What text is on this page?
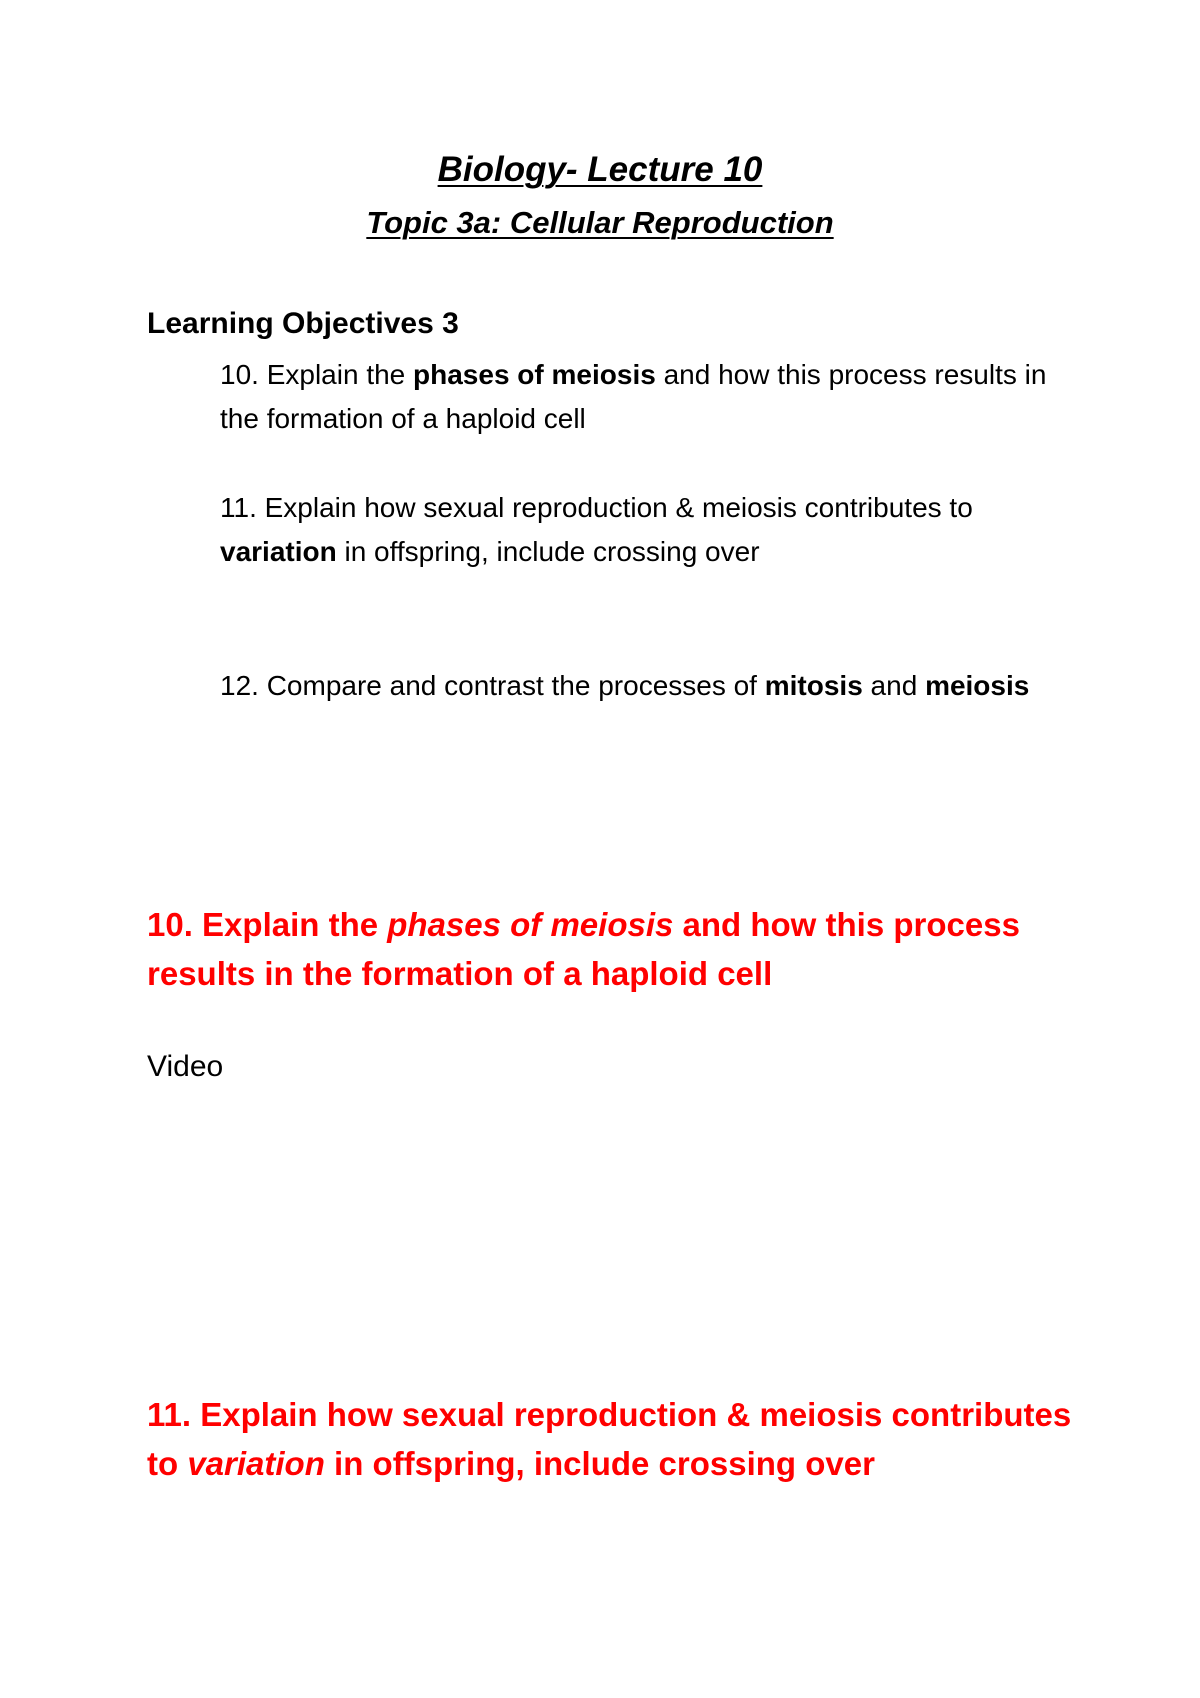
Biology- Lecture 10
Topic 3a: Cellular Reproduction
Learning Objectives 3

10. Explain the phases of meiosis and how this process results in the formation of a haploid cell

11. Explain how sexual reproduction & meiosis contributes to variation in offspring, include crossing over

12. Compare and contrast the processes of mitosis and meiosis

10. Explain the phases of meiosis and how this process results in the formation of a haploid cell

Video

11. Explain how sexual reproduction & meiosis contributes to variation in offspring, include crossing over
